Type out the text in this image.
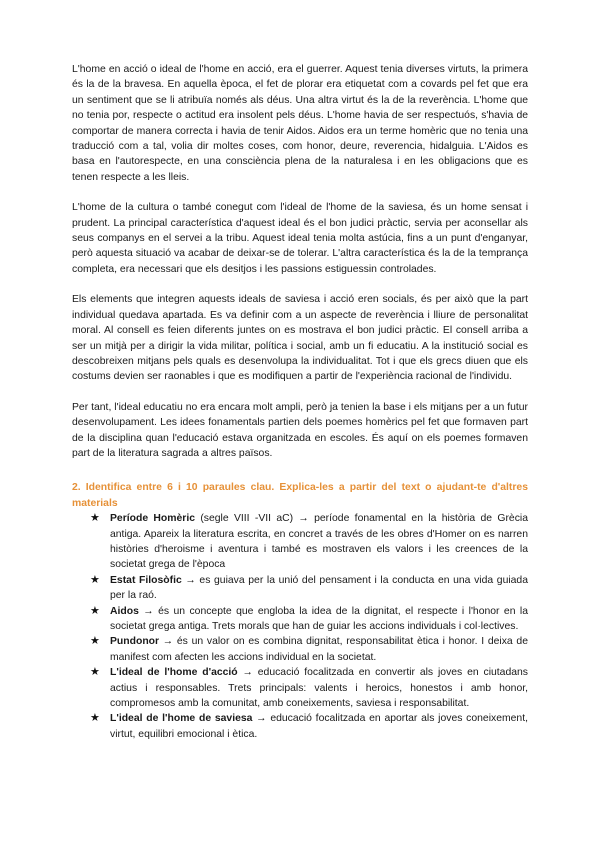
L'home en acció o ideal de l'home en acció, era el guerrer. Aquest tenia diverses virtuts, la primera és la de la bravesa. En aquella època, el fet de plorar era etiquetat com a covards pel fet que era un sentiment que se li atribuïa només als déus. Una altra virtut és la de la reverència. L'home que no tenia por, respecte o actitud era insolent pels déus. L'home havia de ser respectuós, s'havia de comportar de manera correcta i havia de tenir Aidos. Aidos era un terme homèric que no tenia una traducció com a tal, volia dir moltes coses, com honor, deure, reverencia, hidalguia. L'Aidos es basa en l'autorespecte, en una consciència plena de la naturalesa i en les obligacions que es tenen respecte a les lleis.

L'home de la cultura o també conegut com l'ideal de l'home de la saviesa, és un home sensat i prudent. La principal característica d'aquest ideal és el bon judici pràctic, servia per aconsellar als seus companys en el servei a la tribu. Aquest ideal tenia molta astúcia, fins a un punt d'enganyar, però aquesta situació va acabar de deixar-se de tolerar. L'altra característica és la de la temprança completa, era necessari que els desitjos i les passions estiguessin controlades.

Els elements que integren aquests ideals de saviesa i acció eren socials, és per això que la part individual quedava apartada. Es va definir com a un aspecte de reverència i lliure de personalitat moral. Al consell es feien diferents juntes on es mostrava el bon judici pràctic. El consell arriba a ser un mitjà per a dirigir la vida militar, política i social, amb un fi educatiu. A la institució social es descobreixen mitjans pels quals es desenvolupa la individualitat. Tot i que els grecs diuen que els costums devien ser raonables i que es modifiquen a partir de l'experiència racional de l'individu.

Per tant, l'ideal educatiu no era encara molt ampli, però ja tenien la base i els mitjans per a un futur desenvolupament. Les idees fonamentals partien dels poemes homèrics pel fet que formaven part de la disciplina quan l'educació estava organitzada en escoles. És aquí on els poemes formaven part de la literatura sagrada a altres països.

2. Identifica entre 6 i 10 paraules clau. Explica-les a partir del text o ajudant-te d'altres materials
★ Període Homèric (segle VIII -VII aC) → període fonamental en la història de Grècia antiga. Apareix la literatura escrita, en concret a través de les obres d'Homer on es narren històries d'heroisme i aventura i també es mostraven els valors i les creences de la societat grega de l'època
★ Estat Filosòfic → es guiava per la unió del pensament i la conducta en una vida guiada per la raó.
★ Aidos → és un concepte que engloba la idea de la dignitat, el respecte i l'honor en la societat grega antiga. Trets morals que han de guiar les accions individuals i col·lectives.
★ Pundonor → és un valor on es combina dignitat, responsabilitat ètica i honor. I deixa de manifest com afecten les accions individual en la societat.
★ L'ideal de l'home d'acció → educació focalitzada en convertir als joves en ciutadans actius i responsables. Trets principals: valents i heroics, honestos i amb honor, compromesos amb la comunitat, amb coneixements, saviesa i responsabilitat.
★ L'ideal de l'home de saviesa → educació focalitzada en aportar als joves coneixement, virtut, equilibri emocional i ètica.
